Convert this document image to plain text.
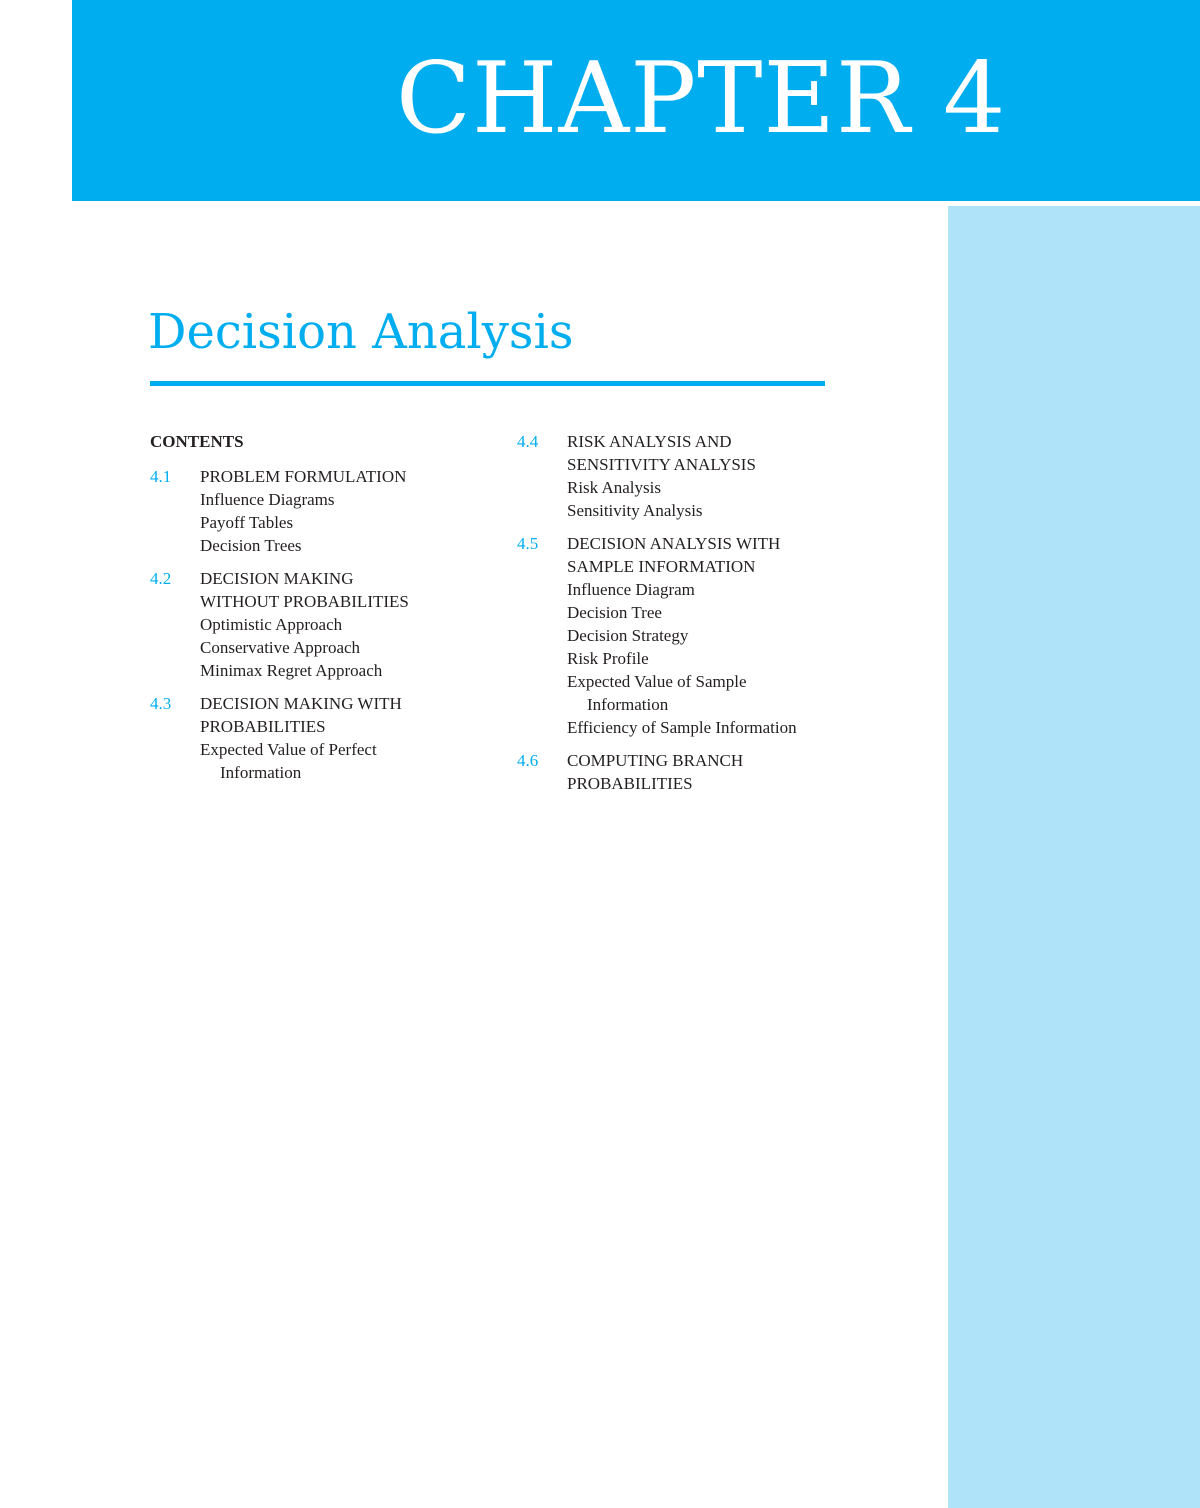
CHAPTER 4
Decision Analysis
CONTENTS
4.1	PROBLEM FORMULATION
Influence Diagrams
Payoff Tables
Decision Trees
4.2	DECISION MAKING
WITHOUT PROBABILITIES
Optimistic Approach
Conservative Approach
Minimax Regret Approach
4.3	DECISION MAKING WITH
PROBABILITIES
Expected Value of Perfect
Information
4.4	RISK ANALYSIS AND
SENSITIVITY ANALYSIS
Risk Analysis
Sensitivity Analysis
4.5	DECISION ANALYSIS WITH
SAMPLE INFORMATION
Influence Diagram
Decision Tree
Decision Strategy
Risk Profile
Expected Value of Sample
Information
Efficiency of Sample Information
4.6	COMPUTING BRANCH
PROBABILITIES
